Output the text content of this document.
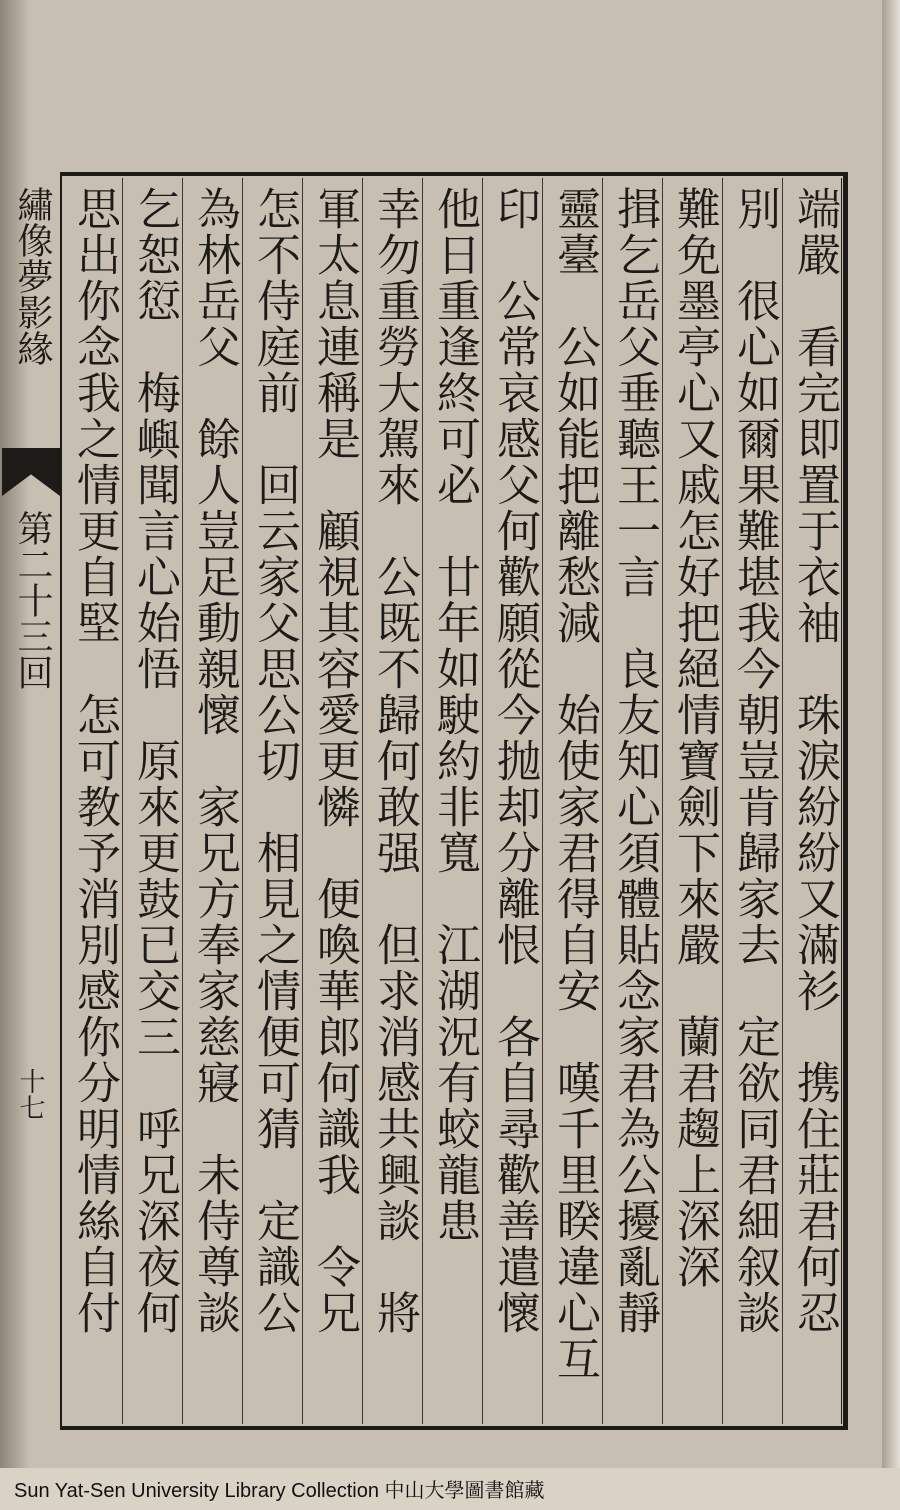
繡像夢影緣
第二十三回
十七	端嚴　看完即置于衣袖　珠淚紛紛又滿衫　携住莊君何忍
別　很心如爾果難堪我今朝豈肯歸家去　定欲同君細叙談
難免墨亭心又戚怎好把絕情寶劍下來嚴　蘭君趨上深深
揖乞岳父垂聽王一言　良友知心須體貼念家君為公擾亂靜
靈臺　公如能把離愁減　始使家君得自安　嘆千里睽違心互
印　公常哀感父何歡願從今抛却分離恨　各自尋歡善遣懷
他日重逢終可必　廿年如駛約非寬　江湖況有蛟龍患
幸勿重勞大駕來　公既不歸何敢强　但求消感共興談　將
軍太息連稱是　顧視其容愛更憐　便喚華郎何識我　令兄
怎不侍庭前　回云家父思公切　相見之情便可猜　定識公
為林岳父　餘人豈足動親懷　家兄方奉家慈寢　未侍尊談
乞恕愆　梅嶼聞言心始悟　原來更鼓已交三　呼兄深夜何
思出你念我之情更自堅　怎可教予消別感你分明情絲自付
Sun Yat-Sen University Library Collection 中山大學圖書館藏
